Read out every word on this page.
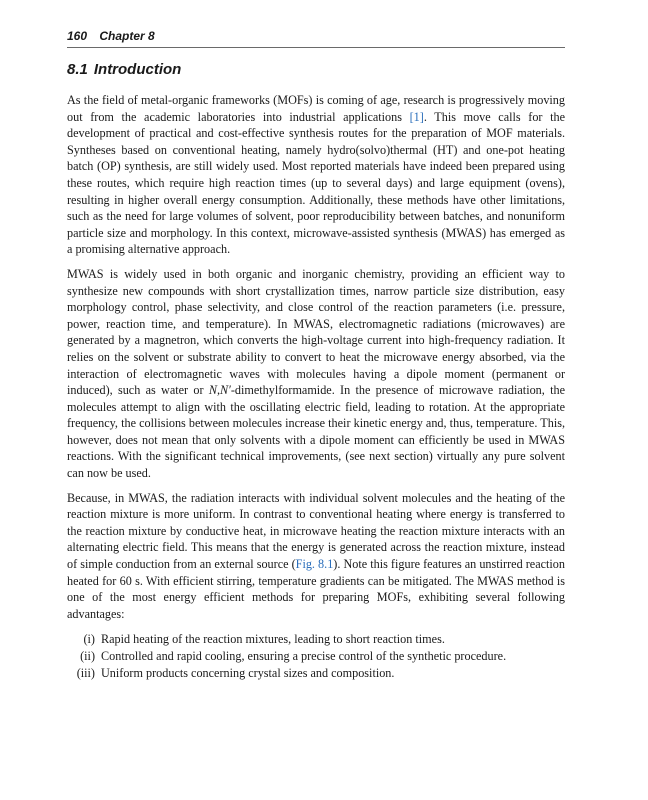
160 Chapter 8
8.1 Introduction

As the field of metal-organic frameworks (MOFs) is coming of age, research is progressively moving out from the academic laboratories into industrial applications [1]. This move calls for the development of practical and cost-effective synthesis routes for the preparation of MOF materials. Syntheses based on conventional heating, namely hydro(solvo)thermal (HT) and one-pot heating batch (OP) synthesis, are still widely used. Most reported materials have indeed been prepared using these routes, which require high reaction times (up to several days) and large equipment (ovens), resulting in higher overall energy consumption. Additionally, these methods have other limitations, such as the need for large volumes of solvent, poor reproducibility between batches, and nonuniform particle size and morphology. In this context, microwave-assisted synthesis (MWAS) has emerged as a promising alternative approach.

MWAS is widely used in both organic and inorganic chemistry, providing an efficient way to synthesize new compounds with short crystallization times, narrow particle size distribution, easy morphology control, phase selectivity, and close control of the reaction parameters (i.e. pressure, power, reaction time, and temperature). In MWAS, electromagnetic radiations (microwaves) are generated by a magnetron, which converts the high-voltage current into high-frequency radiation. It relies on the solvent or substrate ability to convert to heat the microwave energy absorbed, via the interaction of electromagnetic waves with molecules having a dipole moment (permanent or induced), such as water or N,N′-dimethylformamide. In the presence of microwave radiation, the molecules attempt to align with the oscillating electric field, leading to rotation. At the appropriate frequency, the collisions between molecules increase their kinetic energy and, thus, temperature. This, however, does not mean that only solvents with a dipole moment can efficiently be used in MWAS reactions. With the significant technical improvements, (see next section) virtually any pure solvent can now be used.

Because, in MWAS, the radiation interacts with individual solvent molecules and the heating of the reaction mixture is more uniform. In contrast to conventional heating where energy is transferred to the reaction mixture by conductive heat, in microwave heating the reaction mixture interacts with an alternating electric field. This means that the energy is generated across the reaction mixture, instead of simple conduction from an external source (Fig. 8.1). Note this figure features an unstirred reaction heated for 60 s. With efficient stirring, temperature gradients can be mitigated. The MWAS method is one of the most energy efficient methods for preparing MOFs, exhibiting several following advantages:

(i) Rapid heating of the reaction mixtures, leading to short reaction times.
(ii) Controlled and rapid cooling, ensuring a precise control of the synthetic procedure.
(iii) Uniform products concerning crystal sizes and composition.
